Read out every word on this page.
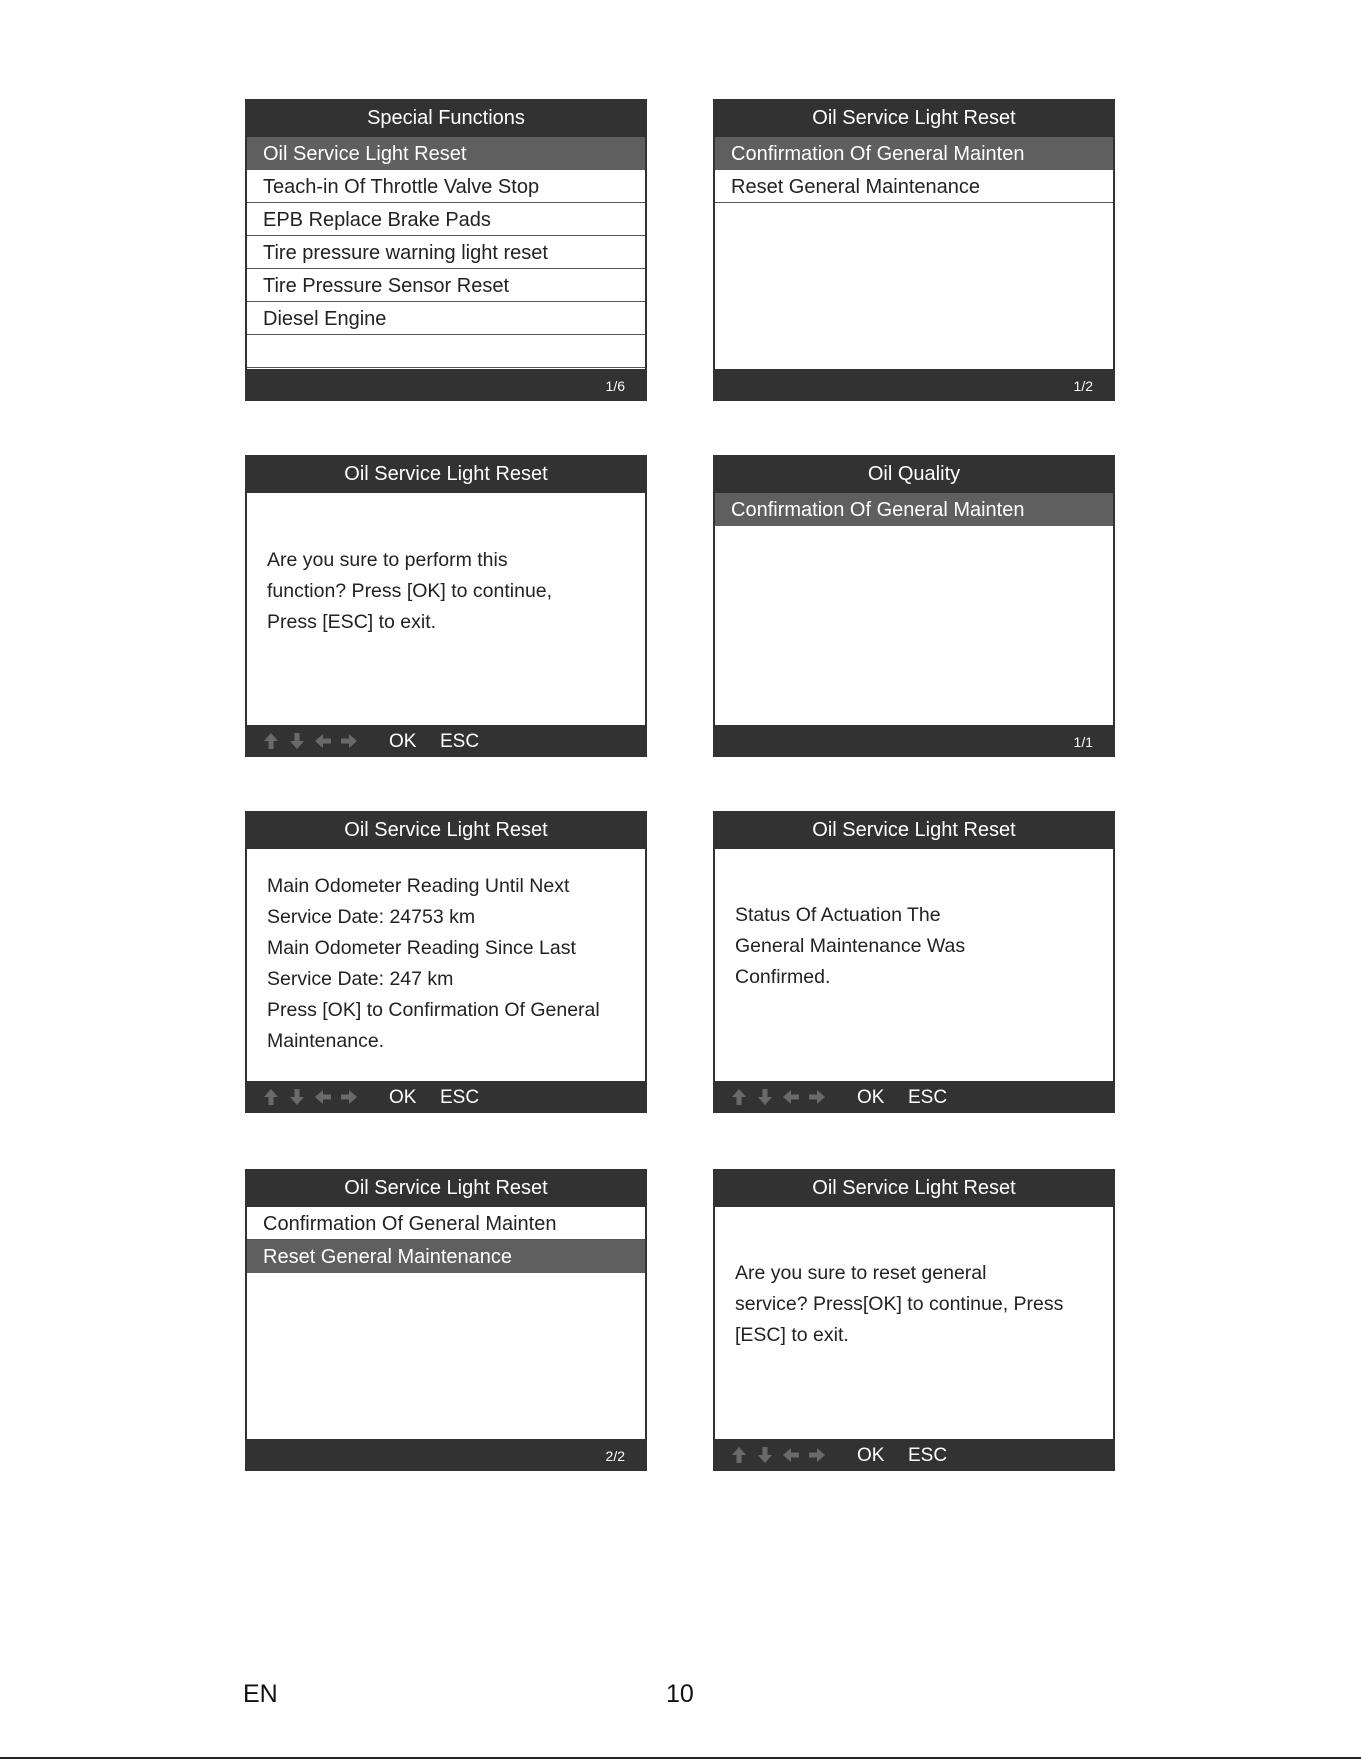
Special Functions
Oil Service Light Reset
Teach-in Of Throttle Valve Stop
EPB Replace Brake Pads
Tire pressure warning light reset
Tire Pressure Sensor Reset
Diesel Engine
1/6
Oil Service Light Reset
Confirmation Of General Mainten
Reset General Maintenance
1/2
Oil Service Light Reset
Are you sure to perform this
function? Press [OK] to continue,
Press [ESC] to exit.
OK ESC
Oil Quality
Confirmation Of General Mainten
1/1
Oil Service Light Reset
Main Odometer Reading Until Next
Service Date: 24753 km
Main Odometer Reading Since Last
Service Date: 247 km
Press [OK] to Confirmation Of General
Maintenance.
OK ESC
Oil Service Light Reset
Status Of Actuation The
General Maintenance Was
Confirmed.
OK ESC
Oil Service Light Reset
Confirmation Of General Mainten
Reset General Maintenance
2/2
Oil Service Light Reset
Are you sure to reset general
service? Press[OK] to continue, Press
[ESC] to exit.
OK ESC
EN	10
